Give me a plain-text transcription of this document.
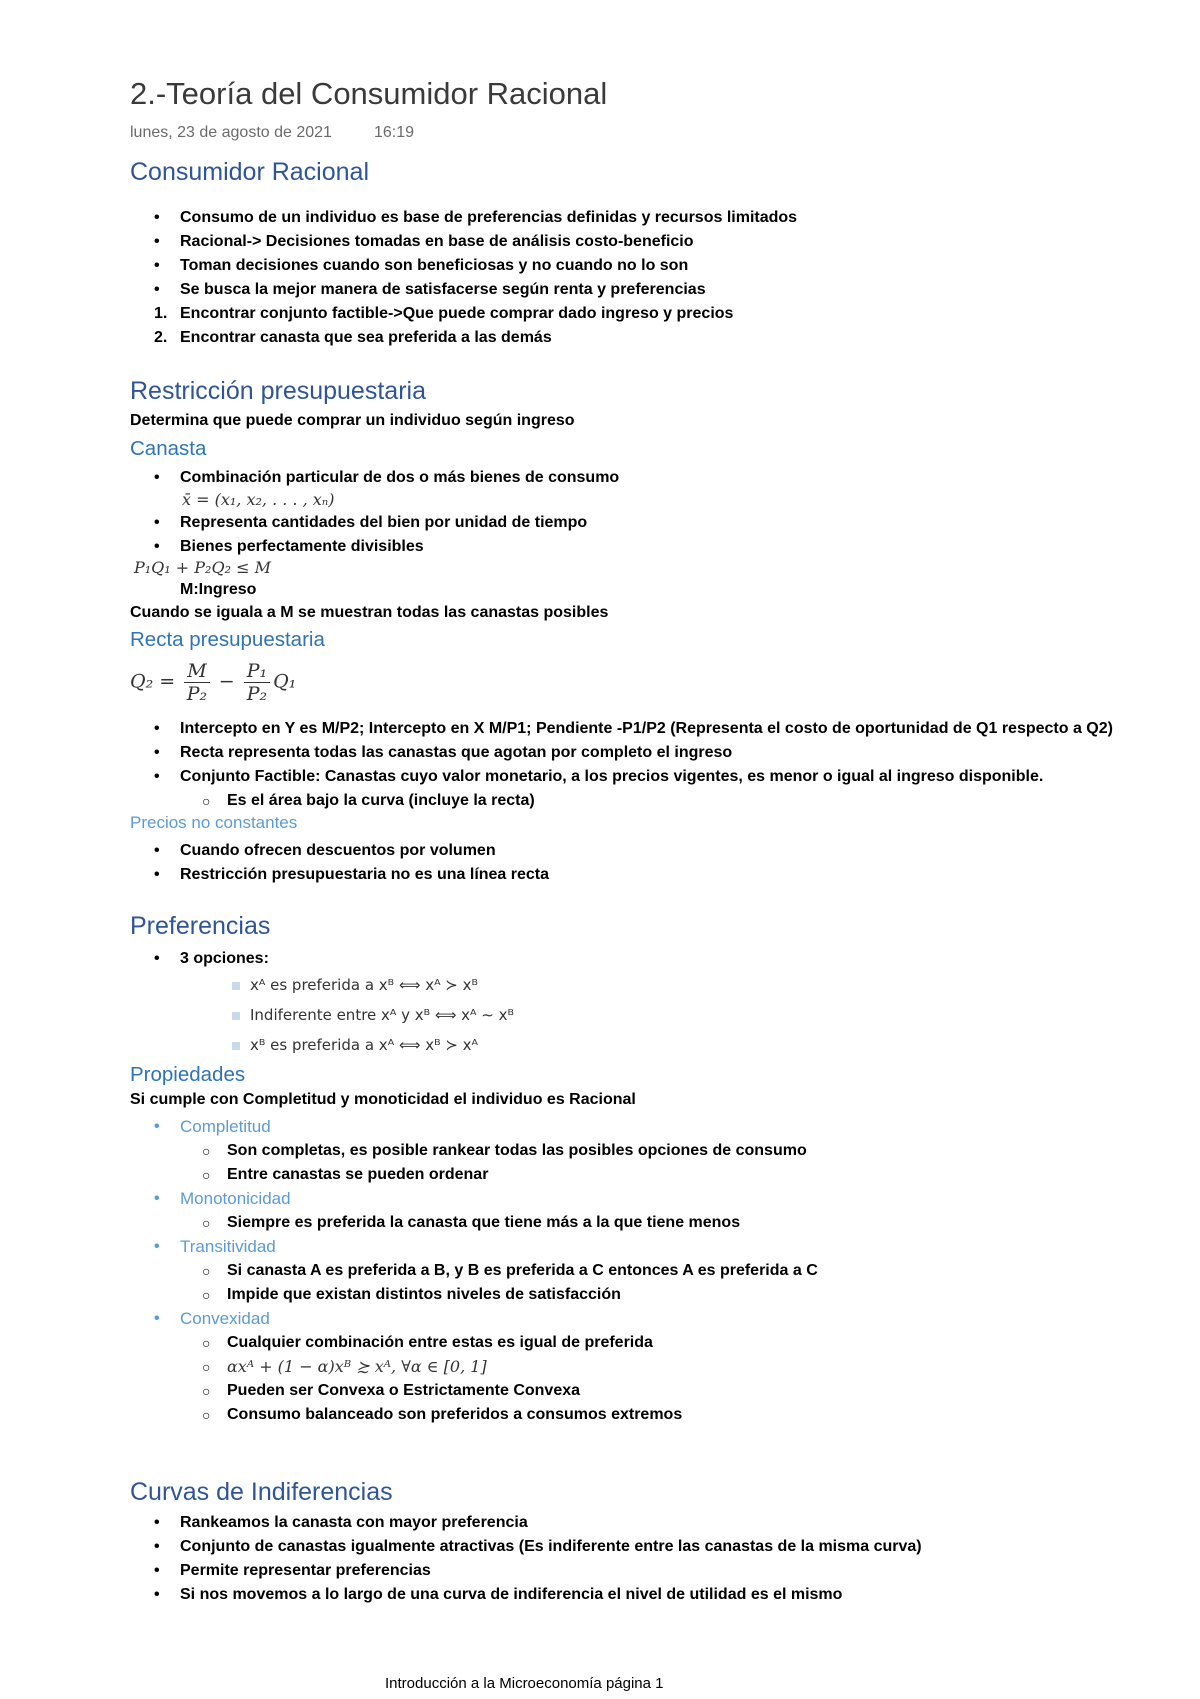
2.-Teoría del Consumidor Racional
lunes, 23 de agosto de 2021	16:19
Consumidor Racional
•	Consumo de un individuo es base de preferencias definidas y recursos limitados
•	Racional-> Decisiones tomadas en base de análisis costo-beneficio
•	Toman decisiones cuando son beneficiosas y no cuando no lo son
•	Se busca la mejor manera de satisfacerse según renta y preferencias
1. Encontrar conjunto factible->Que puede comprar dado ingreso y precios
2. Encontrar canasta que sea preferida a las demás
Restricción presupuestaria
Determina que puede comprar un individuo según ingreso
Canasta
•	Combinación particular de dos o más bienes de consumo
x̄ = (x₁, x₂, . . . , xₙ)
•	Representa cantidades del bien por unidad de tiempo
•	Bienes perfectamente divisibles
P₁Q₁ + P₂Q₂ ≤ M
M:Ingreso
Cuando se iguala a M se muestran todas las canastas posibles
Recta presupuestaria
$Q_2 = \frac{M}{\text{P₂}} - \frac{\text{P₁}}{\text{P₂}} Q_1$
•	Intercepto en Y es M/P2; Intercepto en X M/P1; Pendiente -P1/P2 (Representa el costo de oportunidad de Q1 respecto a Q2)
•	Recta representa todas las canastas que agotan por completo el ingreso
•	Conjunto Factible: Canastas cuyo valor monetario, a los precios vigentes, es menor o igual al ingreso disponible.
○	Es el área bajo la curva (incluye la recta)
Precios no constantes
•	Cuando ofrecen descuentos por volumen
•	Restricción presupuestaria no es una línea recta
Preferencias
•	3 opciones:
xᴬ es preferida a xᴮ ⟺ xᴬ ≻ xᴮ
Indiferente entre xᴬ y xᴮ ⟺ xᴬ ∼ xᴮ
xᴮ es preferida a xᴬ ⟺ xᴮ ≻ xᴬ
Propiedades
Si cumple con Completitud y monoticidad el individuo es Racional
•	Completitud
○	Son completas, es posible rankear todas las posibles opciones de consumo
○	Entre canastas se pueden ordenar
•	Monotonicidad
○	Siempre es preferida la canasta que tiene más a la que tiene menos
•	Transitividad
○	Si canasta A es preferida a B, y B es preferida a C entonces A es preferida a C
○	Impide que existan distintos niveles de satisfacción
•	Convexidad
○	Cualquier combinación entre estas es igual de preferida
○	αxᴬ + (1 − α)xᴮ ≿ xᴬ, ∀α ∈ [0, 1]
○	Pueden ser Convexa o Estrictamente Convexa
○	Consumo balanceado son preferidos a consumos extremos
Curvas de Indiferencias
•	Rankeamos la canasta con mayor preferencia
•	Conjunto de canastas igualmente atractivas (Es indiferente entre las canastas de la misma curva)
•	Permite representar preferencias
•	Si nos movemos a lo largo de una curva de indiferencia el nivel de utilidad es el mismo
Introducción a la Microeconomía página 1
